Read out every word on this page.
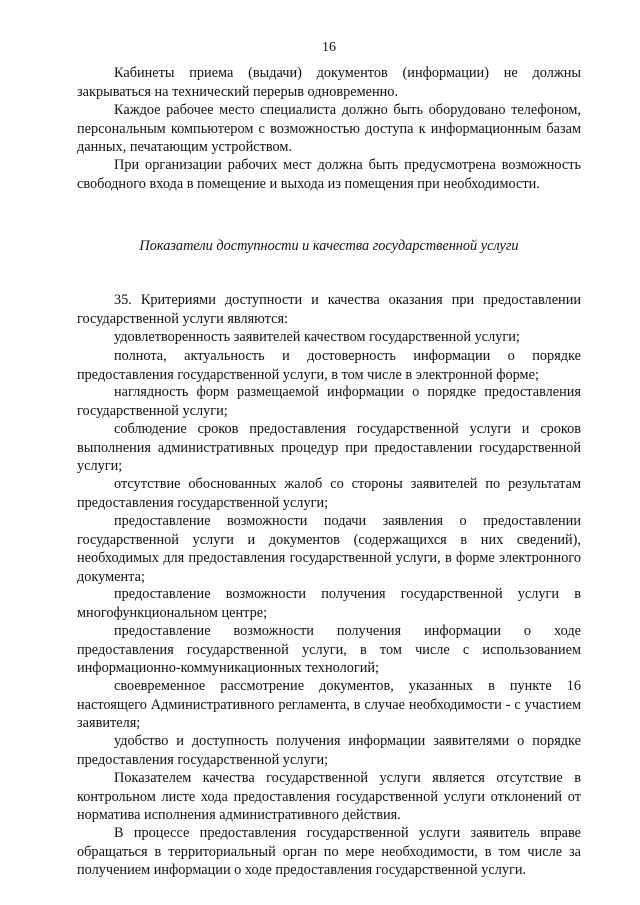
16

Кабинеты приема (выдачи) документов (информации) не должны закрываться на технический перерыв одновременно.

Каждое рабочее место специалиста должно быть оборудовано телефоном, персональным компьютером с возможностью доступа к информационным базам данных, печатающим устройством.

При организации рабочих мест должна быть предусмотрена возможность свободного входа в помещение и выхода из помещения при необходимости.

Показатели доступности и качества государственной услуги

35. Критериями доступности и качества оказания при предоставлении государственной услуги являются:

удовлетворенность заявителей качеством государственной услуги;

полнота, актуальность и достоверность информации о порядке предоставления государственной услуги, в том числе в электронной форме;

наглядность форм размещаемой информации о порядке предоставления государственной услуги;

соблюдение сроков предоставления государственной услуги и сроков выполнения административных процедур при предоставлении государственной услуги;

отсутствие обоснованных жалоб со стороны заявителей по результатам предоставления государственной услуги;

предоставление возможности подачи заявления о предоставлении государственной услуги и документов (содержащихся в них сведений), необходимых для предоставления государственной услуги, в форме электронного документа;

предоставление возможности получения государственной услуги в многофункциональном центре;

предоставление возможности получения информации о ходе предоставления государственной услуги, в том числе с использованием информационно-коммуникационных технологий;

своевременное рассмотрение документов, указанных в пункте 16 настоящего Административного регламента, в случае необходимости - с участием заявителя;

удобство и доступность получения информации заявителями о порядке предоставления государственной услуги;

Показателем качества государственной услуги является отсутствие в контрольном листе хода предоставления государственной услуги отклонений от норматива исполнения административного действия.

В процессе предоставления государственной услуги заявитель вправе обращаться в территориальный орган по мере необходимости, в том числе за получением информации о ходе предоставления государственной услуги.
